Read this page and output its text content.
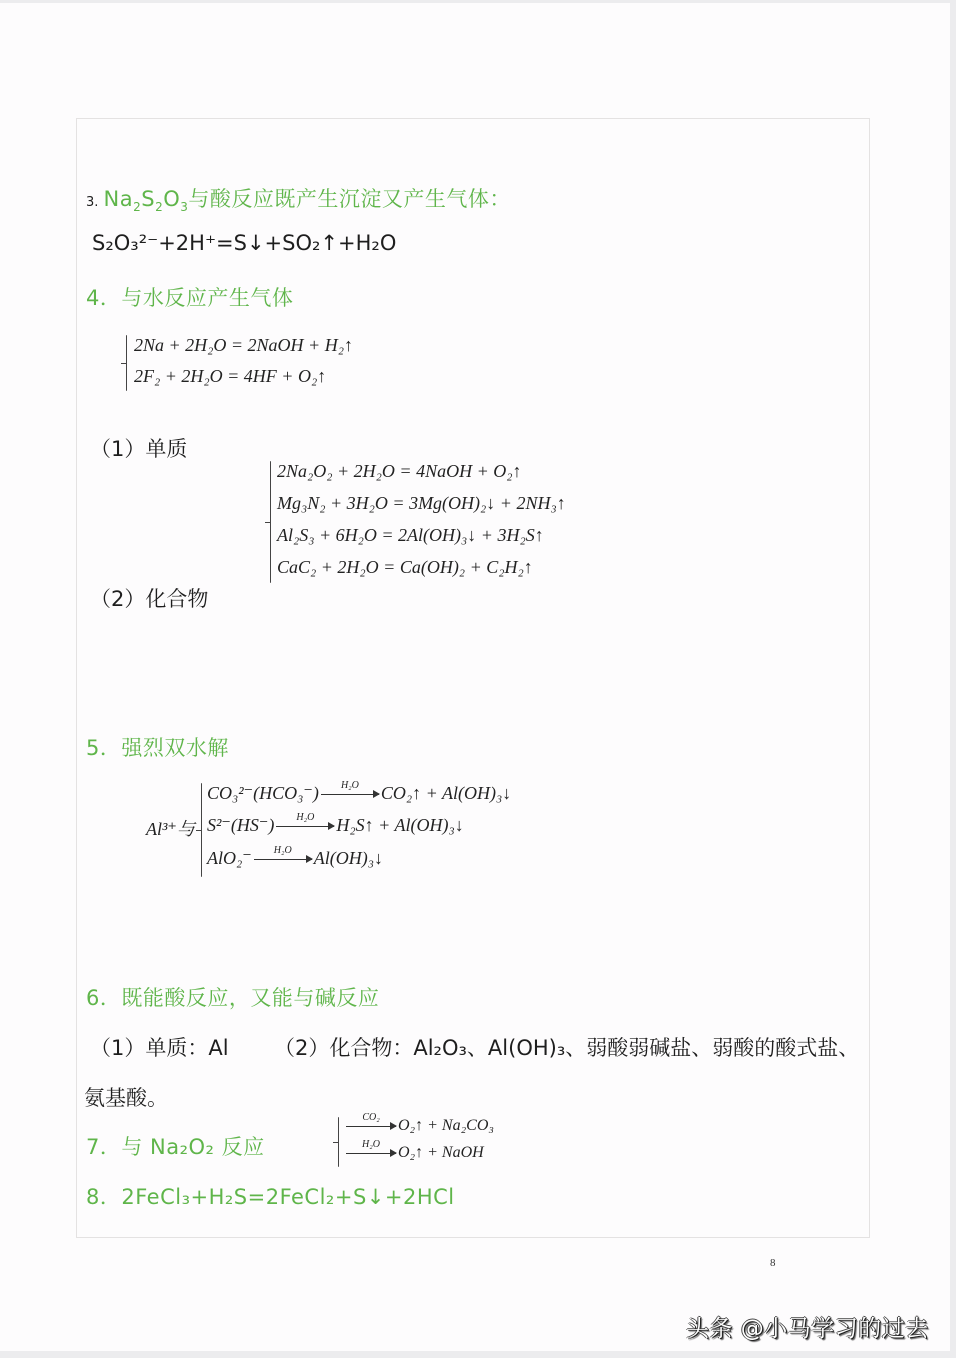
3. $Na_2S_2O_3$与酸反应既产生沉淀又产生气体：
S₂O₃²⁻+2H⁺=S↓+SO₂↑+H₂O
4．与水反应产生气体
2Na + 2H₂O = 2NaOH + H₂↑
2F₂ + 2H₂O = 4HF + O₂↑
（1）单质
（2）化合物
2Na₂O₂ + 2H₂O = 4NaOH + O₂↑
Mg₃N₂ + 3H₂O = 3Mg(OH)₂↓ + 2NH₃↑
Al₂S₃ + 6H₂O = 2Al(OH)₃↓ + 3H₂S↑
CaC₂ + 2H₂O = Ca(OH)₂ + C₂H₂↑
5．强烈双水解
Al³⁺与
CO₃²⁻(HCO₃⁻)	H₂O	CO₂↑ + Al(OH)₃↓
S²⁻(HS⁻)	H₂O	H₂S↑ + Al(OH)₃↓
AlO₂⁻	H₂O	Al(OH)₃↓
6．既能酸反应，又能与碱反应
（1）单质：Al （2）化合物：Al₂O₃、Al(OH)₃、弱酸弱碱盐、弱酸的酸式盐、
氨基酸。
7．与 Na₂O₂ 反应
CO₂	O₂↑ + Na₂CO₃
H₂O	O₂↑ + NaOH
8．2FeCl₃+H₂S=2FeCl₂+S↓+2HCl
8
头条 @小马学习的过去
